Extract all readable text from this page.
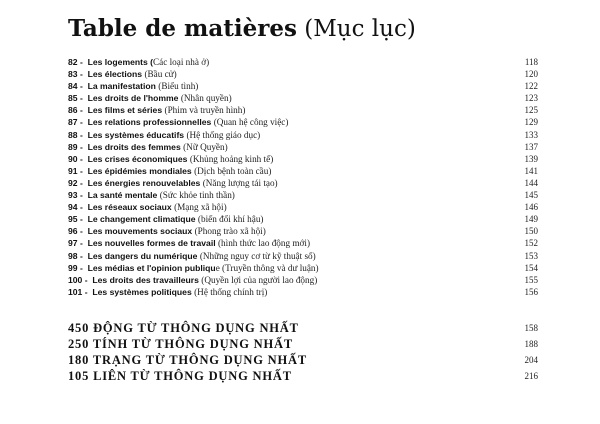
Table de matières (Mục lục)
82 - Les logements (Các loại nhà ở)	118
83 - Les élections (Bầu cử)	120
84 - La manifestation (Biểu tình)	122
85 - Les droits de l'homme (Nhân quyền)	123
86 - Les films et séries (Phim và truyền hình)	125
87 - Les relations professionnelles (Quan hệ công việc)	129
88 - Les systèmes éducatifs (Hệ thống giáo dục)	133
89 - Les droits des femmes (Nữ Quyền)	137
90 - Les crises économiques (Khủng hoảng kinh tế)	139
91 - Les épidémies mondiales (Dịch bệnh toàn cầu)	141
92 - Les énergies renouvelables (Năng lượng tái tạo)	144
93 - La santé mentale (Sức khỏe tinh thần)	145
94 - Les réseaux sociaux (Mạng xã hội)	146
95 - Le changement climatique (biến đổi khí hậu)	149
96 - Les mouvements sociaux (Phong trào xã hội)	150
97 - Les nouvelles formes de travail (hình thức lao động mới)	152
98 - Les dangers du numérique (Những nguy cơ từ kỹ thuật số)	153
99 - Les médias et l'opinion publique (Truyền thông và dư luận)	154
100 - Les droits des travailleurs (Quyền lợi của người lao động)	155
101 - Les systèmes politiques (Hệ thống chính trị)	156
450 ĐỘNG TỪ THÔNG DỤNG NHẤT	158
250 TÍNH TỪ THÔNG DỤNG NHẤT	188
180 TRẠNG TỪ THÔNG DỤNG NHẤT	204
105 LIÊN TỪ THÔNG DỤNG NHẤT	216
